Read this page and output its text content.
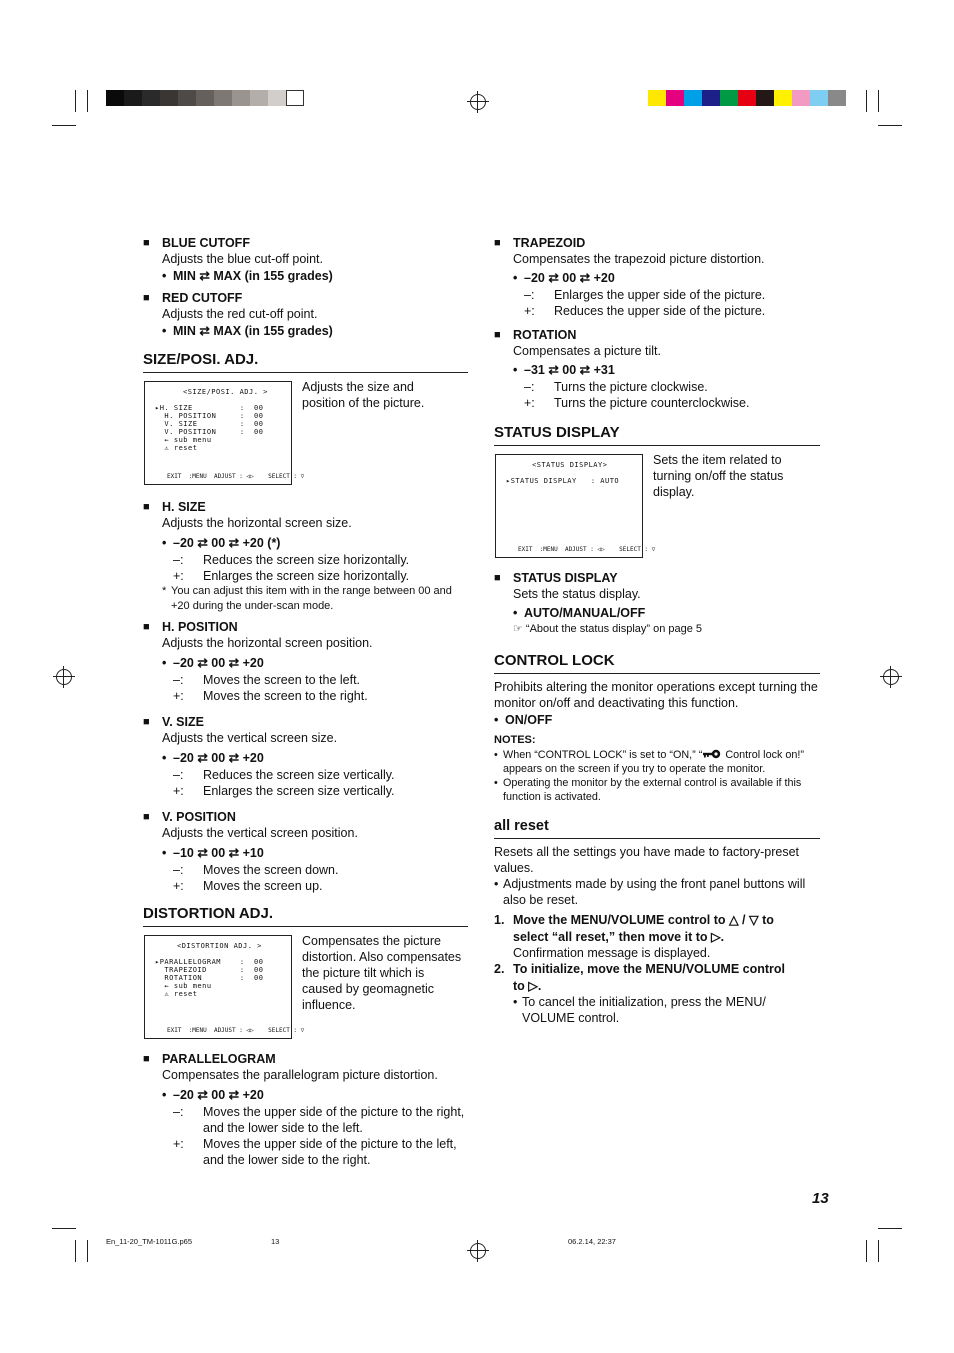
■ BLUE CUTOFF
Adjusts the blue cut-off point.
• MIN ⇄ MAX (in 155 grades)
■ RED CUTOFF
Adjusts the red cut-off point.
• MIN ⇄ MAX (in 155 grades)
SIZE/POSI. ADJ.
<SIZE/POSI. ADJ. >
▸H. SIZE          :  00
H. POSITION     :  00
V. SIZE         :  00
V. POSITION     :  00
← sub menu
⚠ reset
EXIT  :MENU  ADJUST : ◁▷    SELECT : ▽
Adjusts the size and position of the picture.
■ H. SIZE
Adjusts the horizontal screen size.
• –20 ⇄ 00 ⇄ +20 (*)
–:	Reduces the screen size horizontally.
+:	Enlarges the screen size horizontally.
* You can adjust this item with in the range between 00 and +20 during the under-scan mode.
■ H. POSITION
Adjusts the horizontal screen position.
• –20 ⇄ 00 ⇄ +20
–:	Moves the screen to the left.
+:	Moves the screen to the right.
■ V. SIZE
Adjusts the vertical screen size.
• –20 ⇄ 00 ⇄ +20
–:	Reduces the screen size vertically.
+:	Enlarges the screen size vertically.
■ V. POSITION
Adjusts the vertical screen position.
• –10 ⇄ 00 ⇄ +10
–:	Moves the screen down.
+:	Moves the screen up.
DISTORTION ADJ.
<DISTORTION ADJ. >
▸PARALLELOGRAM    :  00
TRAPEZOID       :  00
ROTATION        :  00
← sub menu
⚠ reset
EXIT  :MENU  ADJUST : ◁▷    SELECT : ▽
Compensates the picture distortion. Also compensates the picture tilt which is caused by geomagnetic influence.
■ PARALLELOGRAM
Compensates the parallelogram picture distortion.
• –20 ⇄ 00 ⇄ +20
–:	Moves the upper side of the picture to the right, and the lower side to the left.
+:	Moves the upper side of the picture to the left, and the lower side to the right.
■ TRAPEZOID
Compensates the trapezoid picture distortion.
• –20 ⇄ 00 ⇄ +20
–:	Enlarges the upper side of the picture.
+:	Reduces the upper side of the picture.
■ ROTATION
Compensates a picture tilt.
• –31 ⇄ 00 ⇄ +31
–:	Turns the picture clockwise.
+:	Turns the picture counterclockwise.
STATUS DISPLAY
<STATUS DISPLAY>
▸STATUS DISPLAY   : AUTO
EXIT  :MENU  ADJUST : ◁▷    SELECT : ▽
Sets the item related to turning on/off the status display.
■ STATUS DISPLAY
Sets the status display.
• AUTO/MANUAL/OFF
☞ “About the status display” on page 5
CONTROL LOCK
Prohibits altering the monitor operations except turning the monitor on/off and deactivating this function.
• ON/OFF
NOTES:
• When “CONTROL LOCK” is set to “ON,” “ Control lock on!” appears on the screen if you try to operate the monitor.
• Operating the monitor by the external control is available if this function is activated.
all reset
Resets all the settings you have made to factory-preset values.
• Adjustments made by using the front panel buttons will also be reset.
1. Move the MENU/VOLUME control to △ / ▽ to
select “all reset,” then move it to ▷.
Confirmation message is displayed.
2. To initialize, move the MENU/VOLUME control
to ▷.
• To cancel the initialization, press the MENU/ VOLUME control.
13
En_11-20_TM-1011G.p65	13	06.2.14, 22:37
